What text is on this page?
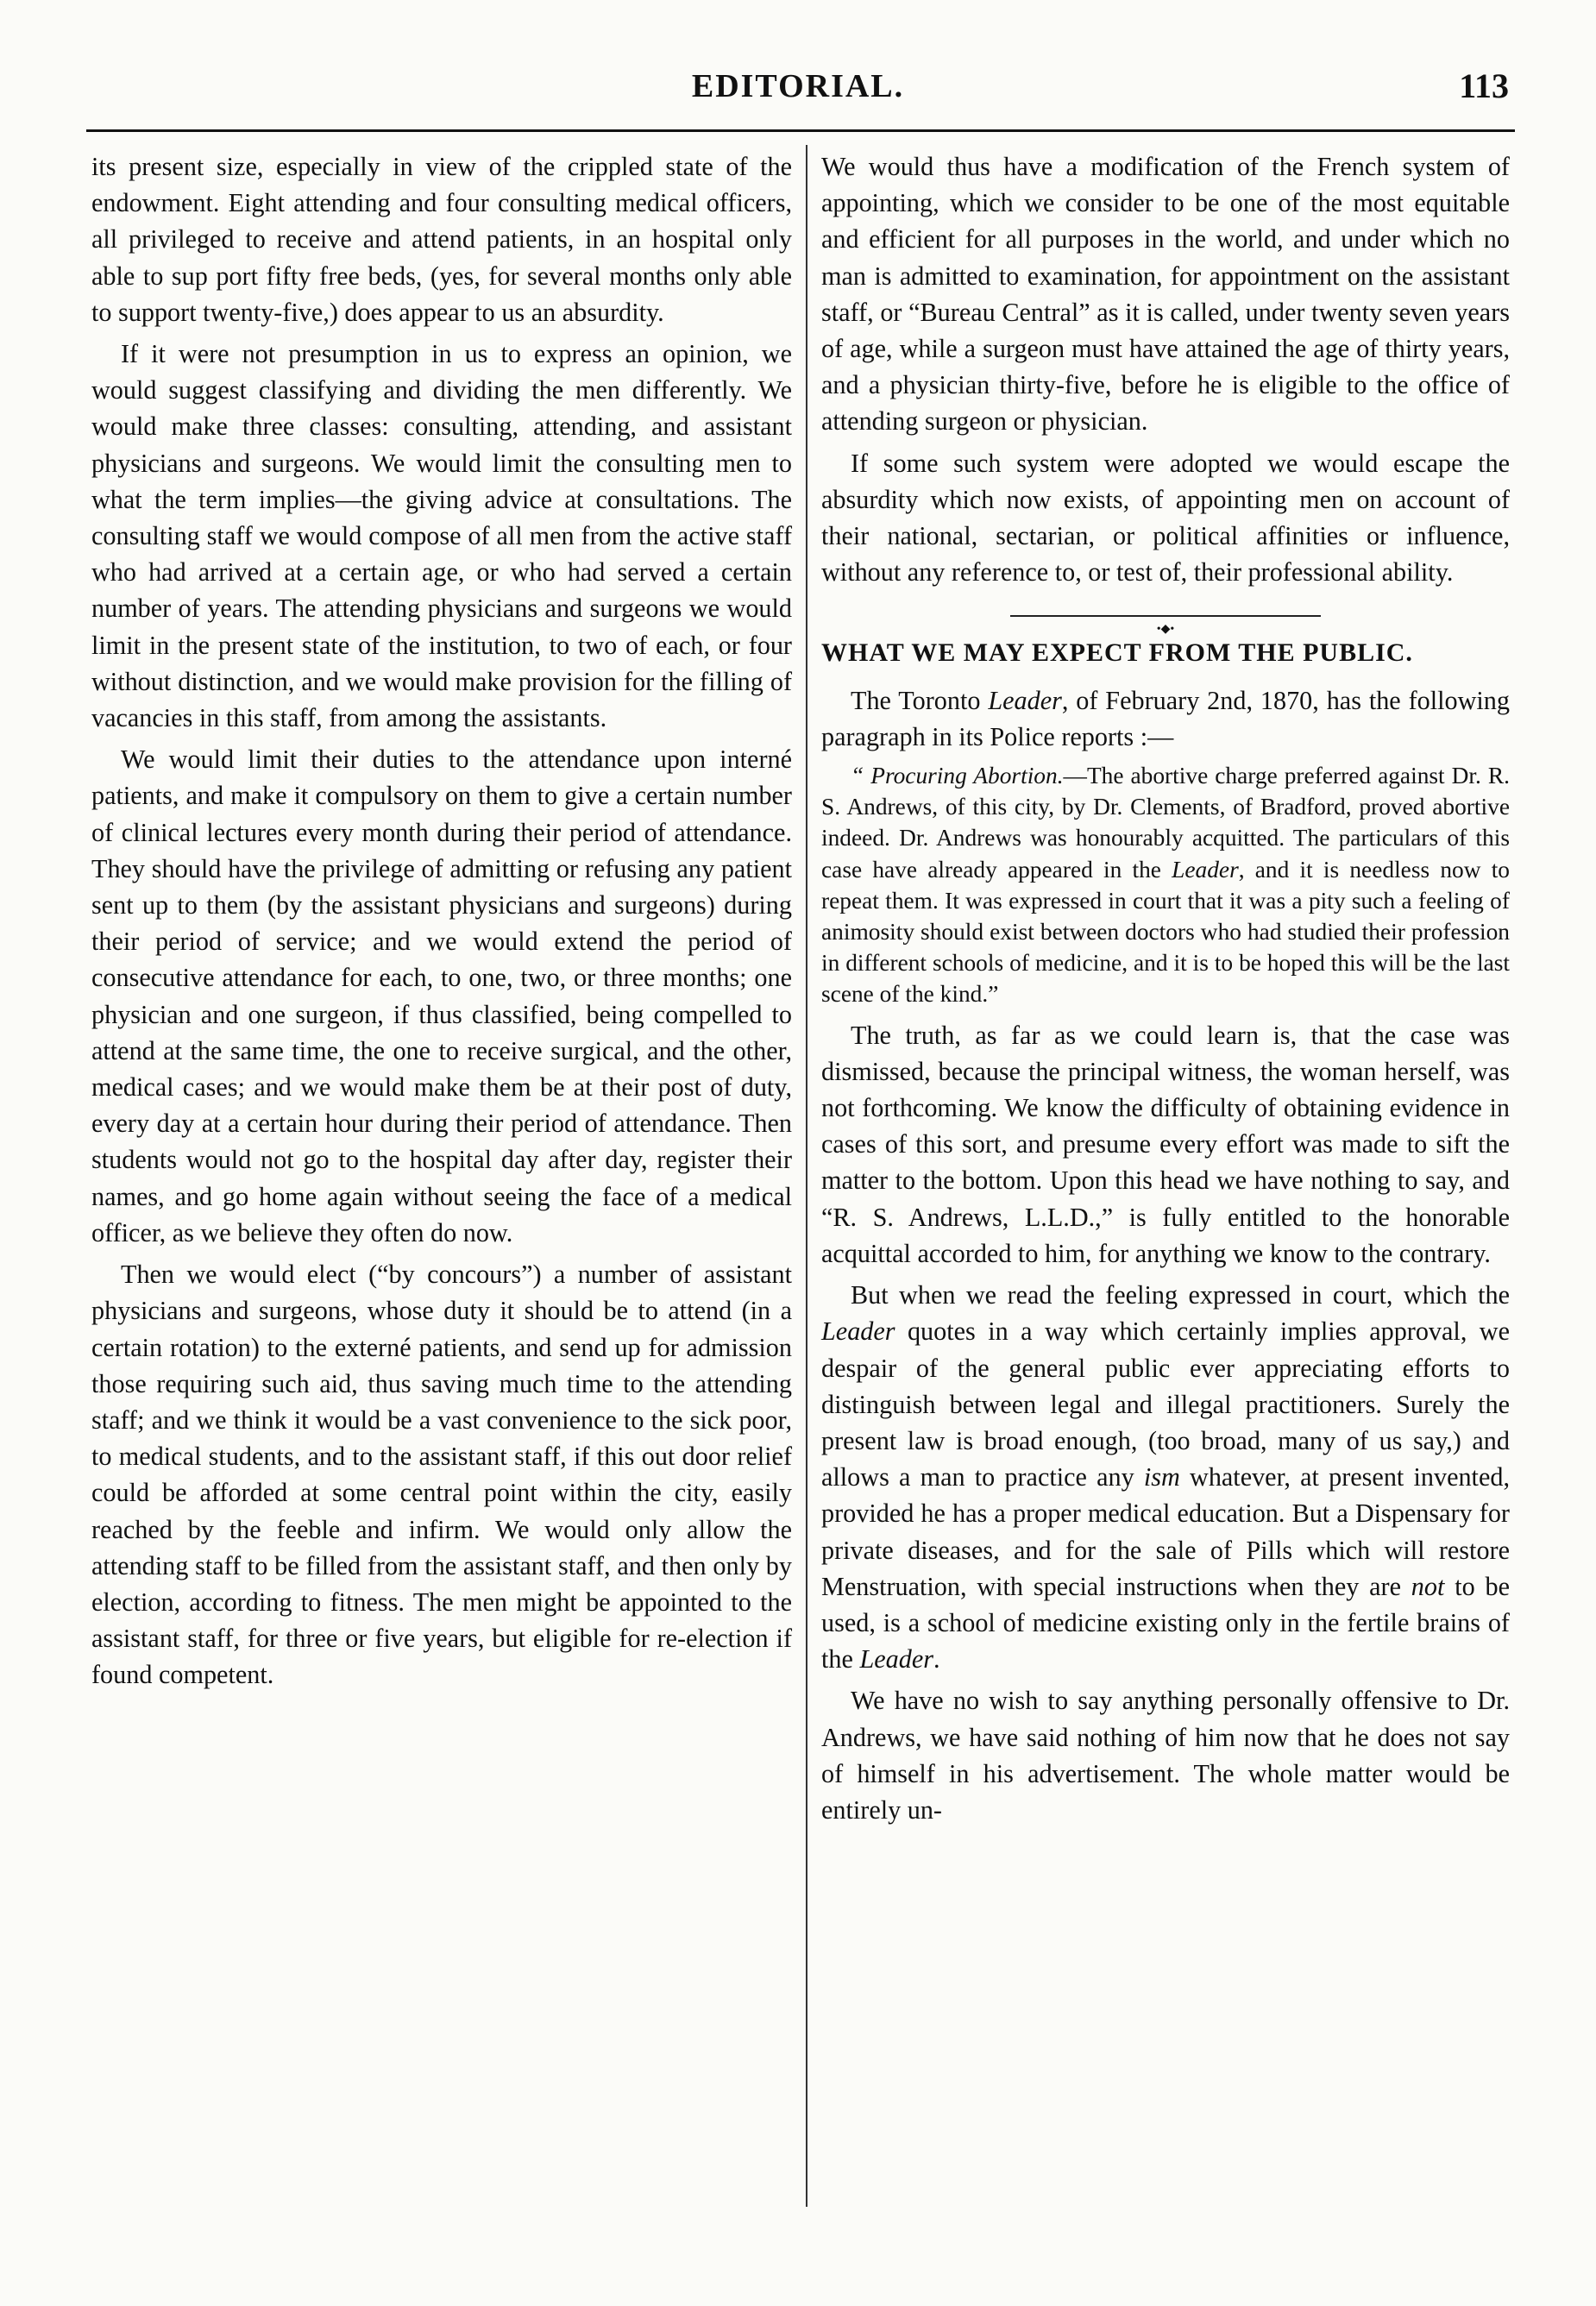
EDITORIAL.	113

its present size, especially in view of the crippled state of the endowment. Eight attending and four consulting medical officers, all privileged to receive and attend patients, in an hospital only able to sup port fifty free beds, (yes, for several months only able to support twenty-five,) does appear to us an absurdity.

If it were not presumption in us to express an opinion, we would suggest classifying and dividing the men differently. We would make three classes: consulting, attending, and assistant physicians and surgeons. We would limit the consulting men to what the term implies—the giving advice at consultations. The consulting staff we would compose of all men from the active staff who had arrived at a certain age, or who had served a certain number of years. The attending physicians and surgeons we would limit in the present state of the institution, to two of each, or four without distinction, and we would make provision for the filling of vacancies in this staff, from among the assistants.

We would limit their duties to the attendance upon interné patients, and make it compulsory on them to give a certain number of clinical lectures every month during their period of attendance. They should have the privilege of admitting or refusing any patient sent up to them (by the assistant physicians and surgeons) during their period of service; and we would extend the period of consecutive attendance for each, to one, two, or three months; one physician and one surgeon, if thus classified, being compelled to attend at the same time, the one to receive surgical, and the other, medical cases; and we would make them be at their post of duty, every day at a certain hour during their period of attendance. Then students would not go to the hospital day after day, register their names, and go home again without seeing the face of a medical officer, as we believe they often do now.

Then we would elect (“by concours”) a number of assistant physicians and surgeons, whose duty it should be to attend (in a certain rotation) to the externé patients, and send up for admission those requiring such aid, thus saving much time to the attending staff; and we think it would be a vast convenience to the sick poor, to medical students, and to the assistant staff, if this out door relief could be afforded at some central point within the city, easily reached by the feeble and infirm. We would only allow the attending staff to be filled from the assistant staff, and then only by election, according to fitness. The men might be appointed to the assistant staff, for three or five years, but eligible for re-election if found competent.

We would thus have a modification of the French system of appointing, which we consider to be one of the most equitable and efficient for all purposes in the world, and under which no man is admitted to examination, for appointment on the assistant staff, or “Bureau Central” as it is called, under twenty seven years of age, while a surgeon must have attained the age of thirty years, and a physician thirty-five, before he is eligible to the office of attending surgeon or physician.

If some such system were adopted we would escape the absurdity which now exists, of appointing men on account of their national, sectarian, or political affinities or influence, without any reference to, or test of, their professional ability.

•◆•
WHAT WE MAY EXPECT FROM THE PUBLIC.

The Toronto Leader, of February 2nd, 1870, has the following paragraph in its Police reports :—

“ Procuring Abortion.—The abortive charge preferred against Dr. R. S. Andrews, of this city, by Dr. Clements, of Bradford, proved abortive indeed. Dr. Andrews was honourably acquitted. The particulars of this case have already appeared in the Leader, and it is needless now to repeat them. It was expressed in court that it was a pity such a feeling of animosity should exist between doctors who had studied their profession in different schools of medicine, and it is to be hoped this will be the last scene of the kind.”

The truth, as far as we could learn is, that the case was dismissed, because the principal witness, the woman herself, was not forthcoming. We know the difficulty of obtaining evidence in cases of this sort, and presume every effort was made to sift the matter to the bottom. Upon this head we have nothing to say, and “R. S. Andrews, L.L.D.,” is fully entitled to the honorable acquittal accorded to him, for anything we know to the contrary.

But when we read the feeling expressed in court, which the Leader quotes in a way which certainly implies approval, we despair of the general public ever appreciating efforts to distinguish between legal and illegal practitioners. Surely the present law is broad enough, (too broad, many of us say,) and allows a man to practice any ism whatever, at present invented, provided he has a proper medical education. But a Dispensary for private diseases, and for the sale of Pills which will restore Menstruation, with special instructions when they are not to be used, is a school of medicine existing only in the fertile brains of the Leader.

We have no wish to say anything personally offensive to Dr. Andrews, we have said nothing of him now that he does not say of himself in his advertisement. The whole matter would be entirely un-
